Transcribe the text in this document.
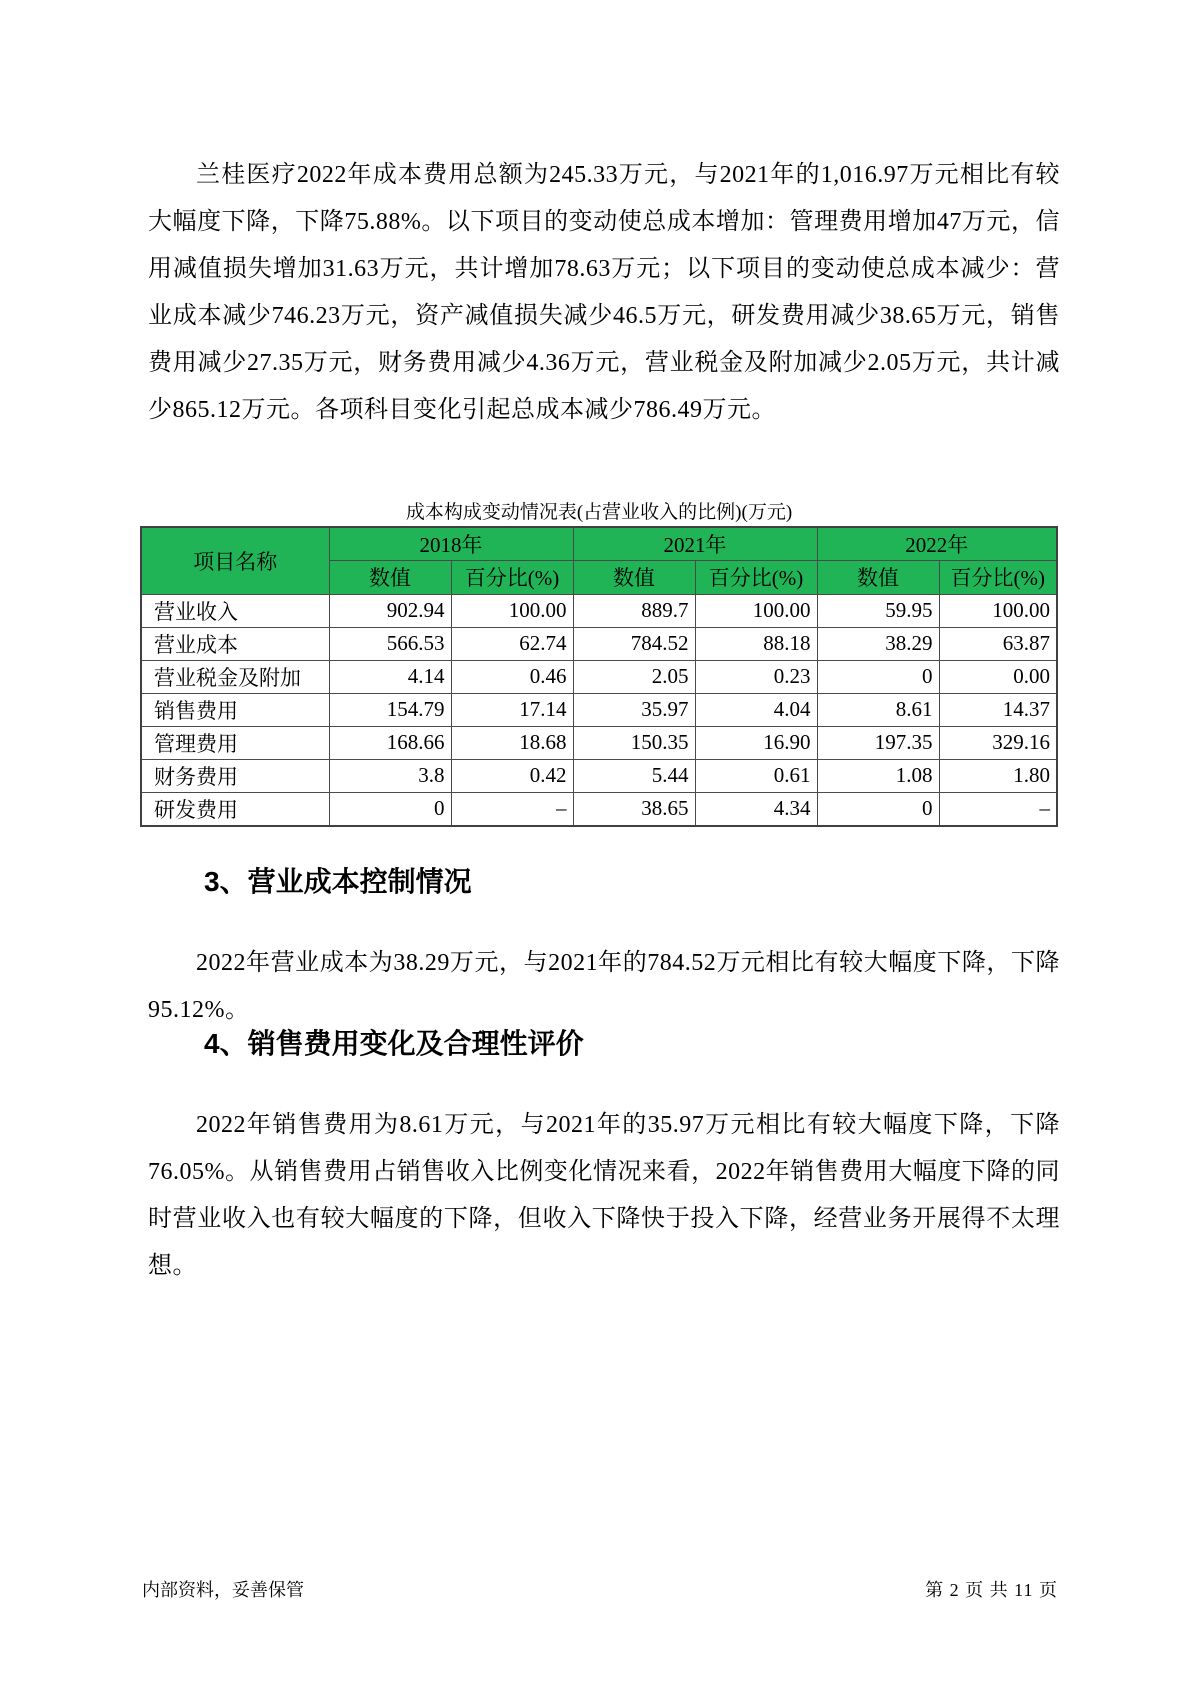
兰桂医疗2022年成本费用总额为245.33万元，与2021年的1,016.97万元相比有较大幅度下降，下降75.88%。以下项目的变动使总成本增加：管理费用增加47万元，信用减值损失增加31.63万元，共计增加78.63万元；以下项目的变动使总成本减少：营业成本减少746.23万元，资产减值损失减少46.5万元，研发费用减少38.65万元，销售费用减少27.35万元，财务费用减少4.36万元，营业税金及附加减少2.05万元，共计减少865.12万元。各项科目变化引起总成本减少786.49万元。

成本构成变动情况表(占营业收入的比例)(万元)
项目名称	2018年		2021年		2022年	
	数值	百分比(%)	数值	百分比(%)	数值	百分比(%)
营业收入	902.94	100.00	889.7	100.00	59.95	100.00
营业成本	566.53	62.74	784.52	88.18	38.29	63.87
营业税金及附加	4.14	0.46	2.05	0.23	0	0.00
销售费用	154.79	17.14	35.97	4.04	8.61	14.37
管理费用	168.66	18.68	150.35	16.90	197.35	329.16
财务费用	3.8	0.42	5.44	0.61	1.08	1.80
研发费用	0	–	38.65	4.34	0	–
3、营业成本控制情况

2022年营业成本为38.29万元，与2021年的784.52万元相比有较大幅度下降，下降95.12%。

4、销售费用变化及合理性评价

2022年销售费用为8.61万元，与2021年的35.97万元相比有较大幅度下降，下降76.05%。从销售费用占销售收入比例变化情况来看，2022年销售费用大幅度下降的同时营业收入也有较大幅度的下降，但收入下降快于投入下降，经营业务开展得不太理想。

内部资料，妥善保管	第 2 页 共 11 页
